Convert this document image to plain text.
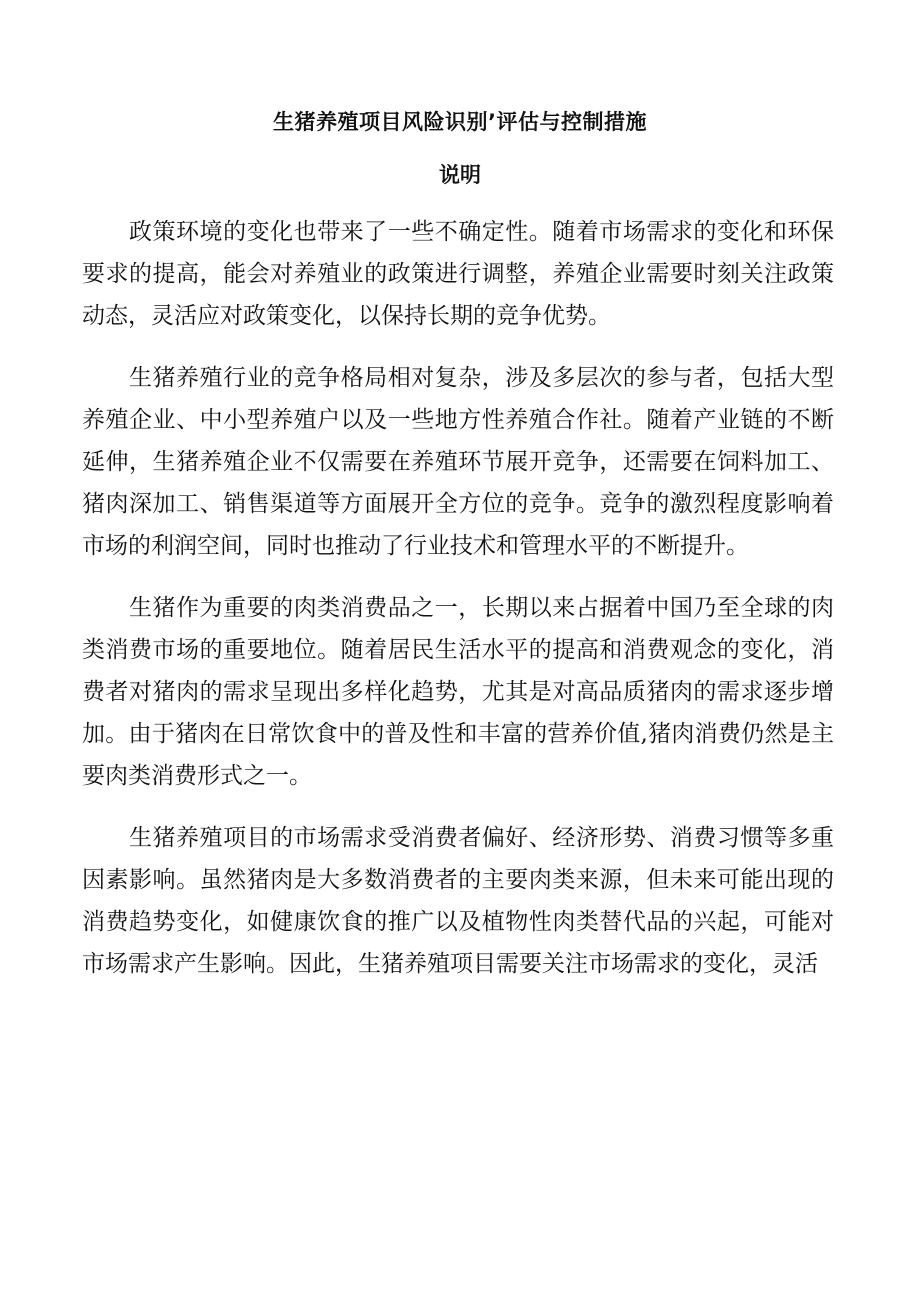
生猪养殖项目风险识别’评估与控制措施
说明

政策环境的变化也带来了一些不确定性。随着市场需求的变化和环保要求的提高，能会对养殖业的政策进行调整，养殖企业需要时刻关注政策动态，灵活应对政策变化，以保持长期的竞争优势。

生猪养殖行业的竞争格局相对复杂，涉及多层次的参与者，包括大型养殖企业、中小型养殖户以及一些地方性养殖合作社。随着产业链的不断延伸，生猪养殖企业不仅需要在养殖环节展开竞争，还需要在饲料加工、猪肉深加工、销售渠道等方面展开全方位的竞争。竞争的激烈程度影响着市场的利润空间，同时也推动了行业技术和管理水平的不断提升。

生猪作为重要的肉类消费品之一，长期以来占据着中国乃至全球的肉类消费市场的重要地位。随着居民生活水平的提高和消费观念的变化，消费者对猪肉的需求呈现出多样化趋势，尤其是对高品质猪肉的需求逐步增加。由于猪肉在日常饮食中的普及性和丰富的营养价值,猪肉消费仍然是主要肉类消费形式之一。

生猪养殖项目的市场需求受消费者偏好、经济形势、消费习惯等多重因素影响。虽然猪肉是大多数消费者的主要肉类来源，但未来可能出现的消费趋势变化，如健康饮食的推广以及植物性肉类替代品的兴起，可能对市场需求产生影响。因此，生猪养殖项目需要关注市场需求的变化，灵活
